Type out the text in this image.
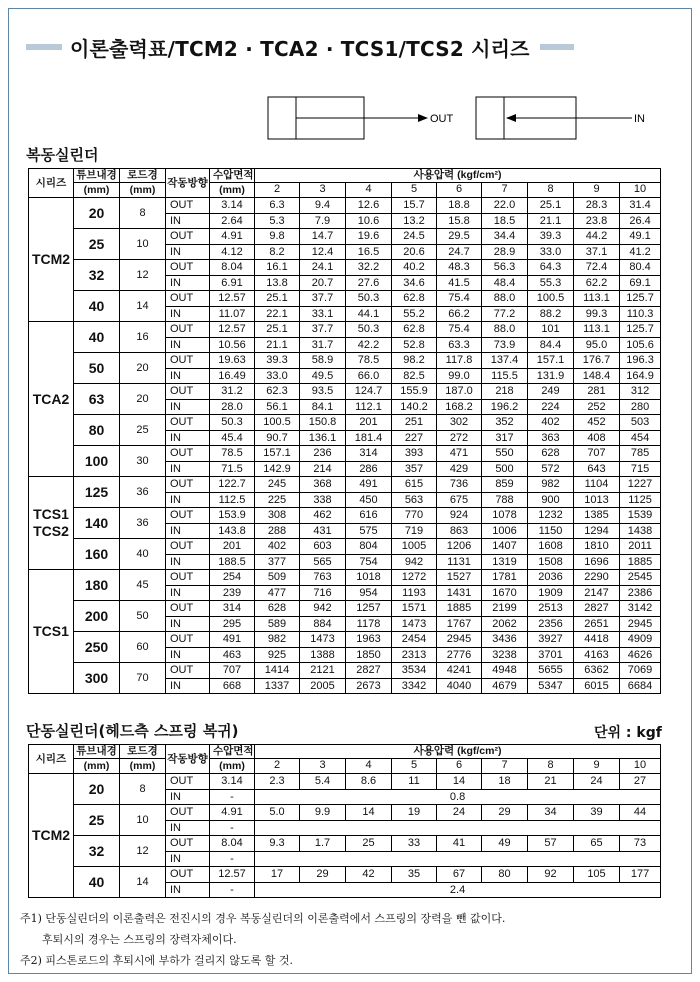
이론출력표/TCM2 · TCA2 · TCS1/TCS2 시리즈
OUT	IN
복동실린더
시리즈	튜브내경	로드경	작동방향	수압면적	사용압력 (kgf/cm²)								
	(mm)	(mm)		(mm)	2	3	4	5	6	7	8	9	10

TCM2	20	8	OUT	3.14	6.3	9.4	12.6	15.7	18.8	22.0	25.1	28.3	31.4
			IN	2.64	5.3	7.9	10.6	13.2	15.8	18.5	21.1	23.8	26.4
	25	10	OUT	4.91	9.8	14.7	19.6	24.5	29.5	34.4	39.3	44.2	49.1
			IN	4.12	8.2	12.4	16.5	20.6	24.7	28.9	33.0	37.1	41.2
	32	12	OUT	8.04	16.1	24.1	32.2	40.2	48.3	56.3	64.3	72.4	80.4
			IN	6.91	13.8	20.7	27.6	34.6	41.5	48.4	55.3	62.2	69.1
	40	14	OUT	12.57	25.1	37.7	50.3	62.8	75.4	88.0	100.5	113.1	125.7
			IN	11.07	22.1	33.1	44.1	55.2	66.2	77.2	88.2	99.3	110.3

TCA2	40	16	OUT	12.57	25.1	37.7	50.3	62.8	75.4	88.0	101	113.1	125.7
			IN	10.56	21.1	31.7	42.2	52.8	63.3	73.9	84.4	95.0	105.6
	50	20	OUT	19.63	39.3	58.9	78.5	98.2	117.8	137.4	157.1	176.7	196.3
			IN	16.49	33.0	49.5	66.0	82.5	99.0	115.5	131.9	148.4	164.9
	63	20	OUT	31.2	62.3	93.5	124.7	155.9	187.0	218	249	281	312
			IN	28.0	56.1	84.1	112.1	140.2	168.2	196.2	224	252	280
	80	25	OUT	50.3	100.5	150.8	201	251	302	352	402	452	503
			IN	45.4	90.7	136.1	181.4	227	272	317	363	408	454
	100	30	OUT	78.5	157.1	236	314	393	471	550	628	707	785
			IN	71.5	142.9	214	286	357	429	500	572	643	715

TCS1
TCS2	125	36	OUT	122.7	245	368	491	615	736	859	982	1104	1227
			IN	112.5	225	338	450	563	675	788	900	1013	1125
	140	36	OUT	153.9	308	462	616	770	924	1078	1232	1385	1539
			IN	143.8	288	431	575	719	863	1006	1150	1294	1438
	160	40	OUT	201	402	603	804	1005	1206	1407	1608	1810	2011
			IN	188.5	377	565	754	942	1131	1319	1508	1696	1885

TCS1	180	45	OUT	254	509	763	1018	1272	1527	1781	2036	2290	2545
			IN	239	477	716	954	1193	1431	1670	1909	2147	2386
	200	50	OUT	314	628	942	1257	1571	1885	2199	2513	2827	3142
			IN	295	589	884	1178	1473	1767	2062	2356	2651	2945
	250	60	OUT	491	982	1473	1963	2454	2945	3436	3927	4418	4909
			IN	463	925	1388	1850	2313	2776	3238	3701	4163	4626
	300	70	OUT	707	1414	2121	2827	3534	4241	4948	5655	6362	7069
			IN	668	1337	2005	2673	3342	4040	4679	5347	6015	6684
단동실린더(헤드측 스프링 복귀)	단위 : kgf
시리즈	튜브내경	로드경	작동방향	수압면적	사용압력 (kgf/cm²)								
	(mm)	(mm)		(mm)	2	3	4	5	6	7	8	9	10
TCM2	20	8	OUT	3.14	2.3	5.4	8.6	11	14	18	21	24	27
			IN	-	0.8								
	25	10	OUT	4.91	5.0	9.9	14	19	24	29	34	39	44
			IN	-									
	32	12	OUT	8.04	9.3	1.7	25	33	41	49	57	65	73
			IN	-									
	40	14	OUT	12.57	17	29	42	35	67	80	92	105	177
			IN	-	2.4								
주1) 단동실린더의 이론출력은 전진시의 경우 복동실린더의 이론출력에서 스프링의 장력을 뺀 값이다.
후퇴시의 경우는 스프링의 장력자체이다.
주2) 피스톤로드의 후퇴시에 부하가 걸리지 않도록 할 것.
